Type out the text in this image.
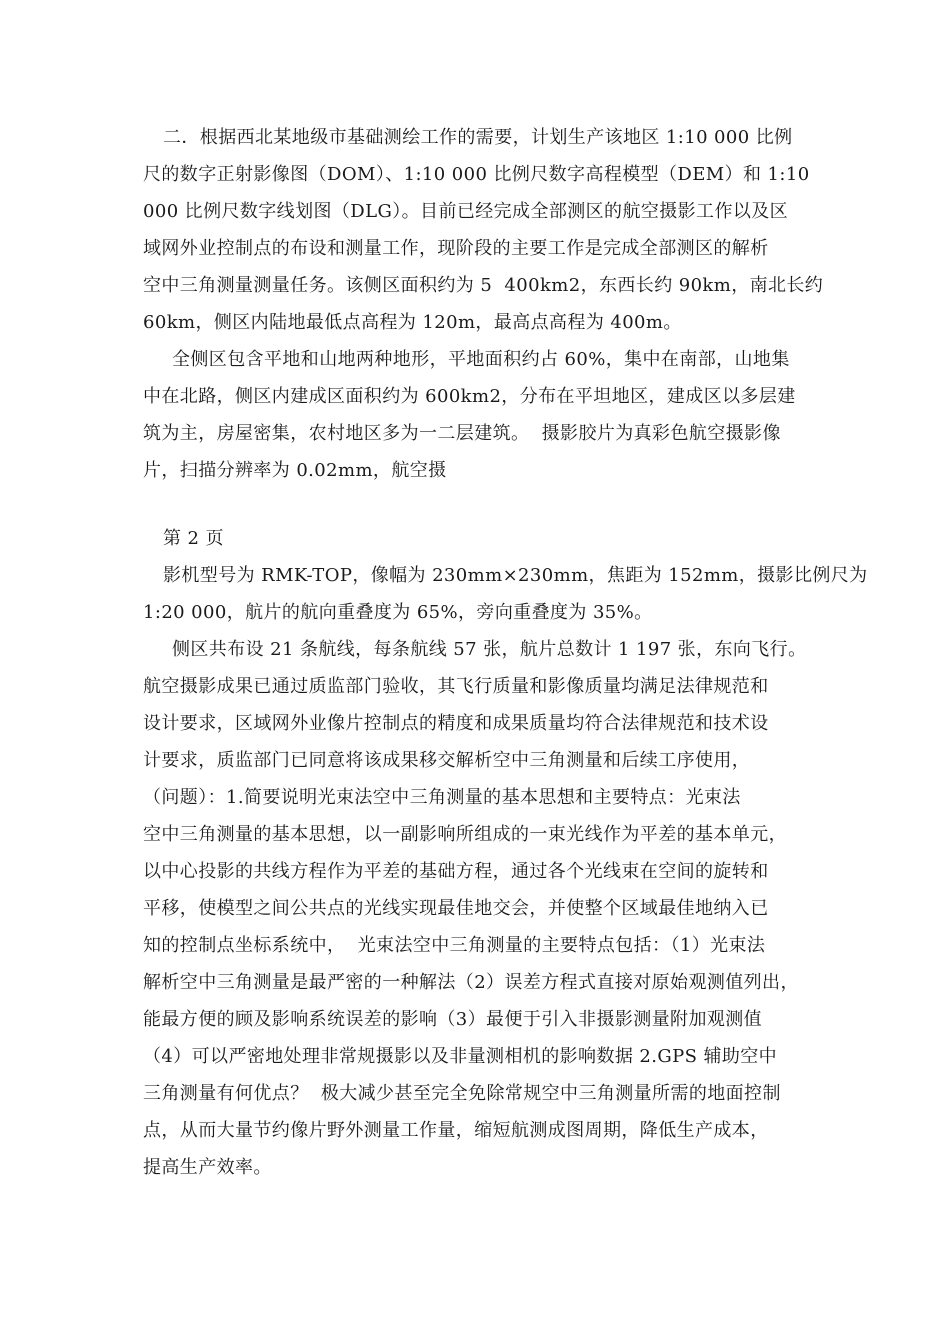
二．根据西北某地级市基础测绘工作的需要，计划生产该地区 1:10 000 比例
尺的数字正射影像图（DOM）、1:10 000 比例尺数字高程模型（DEM）和 1:10
000 比例尺数字线划图（DLG）。目前已经完成全部测区的航空摄影工作以及区
域网外业控制点的布设和测量工作，现阶段的主要工作是完成全部测区的解析
空中三角测量测量任务。该侧区面积约为 5  400km2，东西长约 90km，南北长约
60km，侧区内陆地最低点高程为 120m，最高点高程为 400m。
全侧区包含平地和山地两种地形，平地面积约占 60%，集中在南部，山地集
中在北路，侧区内建成区面积约为 600km2，分布在平坦地区，建成区以多层建
筑为主，房屋密集，农村地区多为一二层建筑。  摄影胶片为真彩色航空摄影像
片，扫描分辨率为 0.02mm，航空摄
第 2 页
影机型号为 RMK-TOP，像幅为 230mm×230mm，焦距为 152mm，摄影比例尺为
1:20 000，航片的航向重叠度为 65%，旁向重叠度为 35%。
侧区共布设 21 条航线，每条航线 57 张，航片总数计 1 197 张，东向飞行。
航空摄影成果已通过质监部门验收，其飞行质量和影像质量均满足法律规范和
设计要求，区域网外业像片控制点的精度和成果质量均符合法律规范和技术设
计要求，质监部门已同意将该成果移交解析空中三角测量和后续工序使用，
（问题）：1.简要说明光束法空中三角测量的基本思想和主要特点：光束法
空中三角测量的基本思想，以一副影响所组成的一束光线作为平差的基本单元，
以中心投影的共线方程作为平差的基础方程，通过各个光线束在空间的旋转和
平移，使模型之间公共点的光线实现最佳地交会，并使整个区域最佳地纳入已
知的控制点坐标系统中，  光束法空中三角测量的主要特点包括：（1）光束法
解析空中三角测量是最严密的一种解法（2）误差方程式直接对原始观测值列出，
能最方便的顾及影响系统误差的影响（3）最便于引入非摄影测量附加观测值
（4）可以严密地处理非常规摄影以及非量测相机的影响数据 2.GPS 辅助空中
三角测量有何优点？  极大减少甚至完全免除常规空中三角测量所需的地面控制
点，从而大量节约像片野外测量工作量，缩短航测成图周期，降低生产成本，
提高生产效率。
